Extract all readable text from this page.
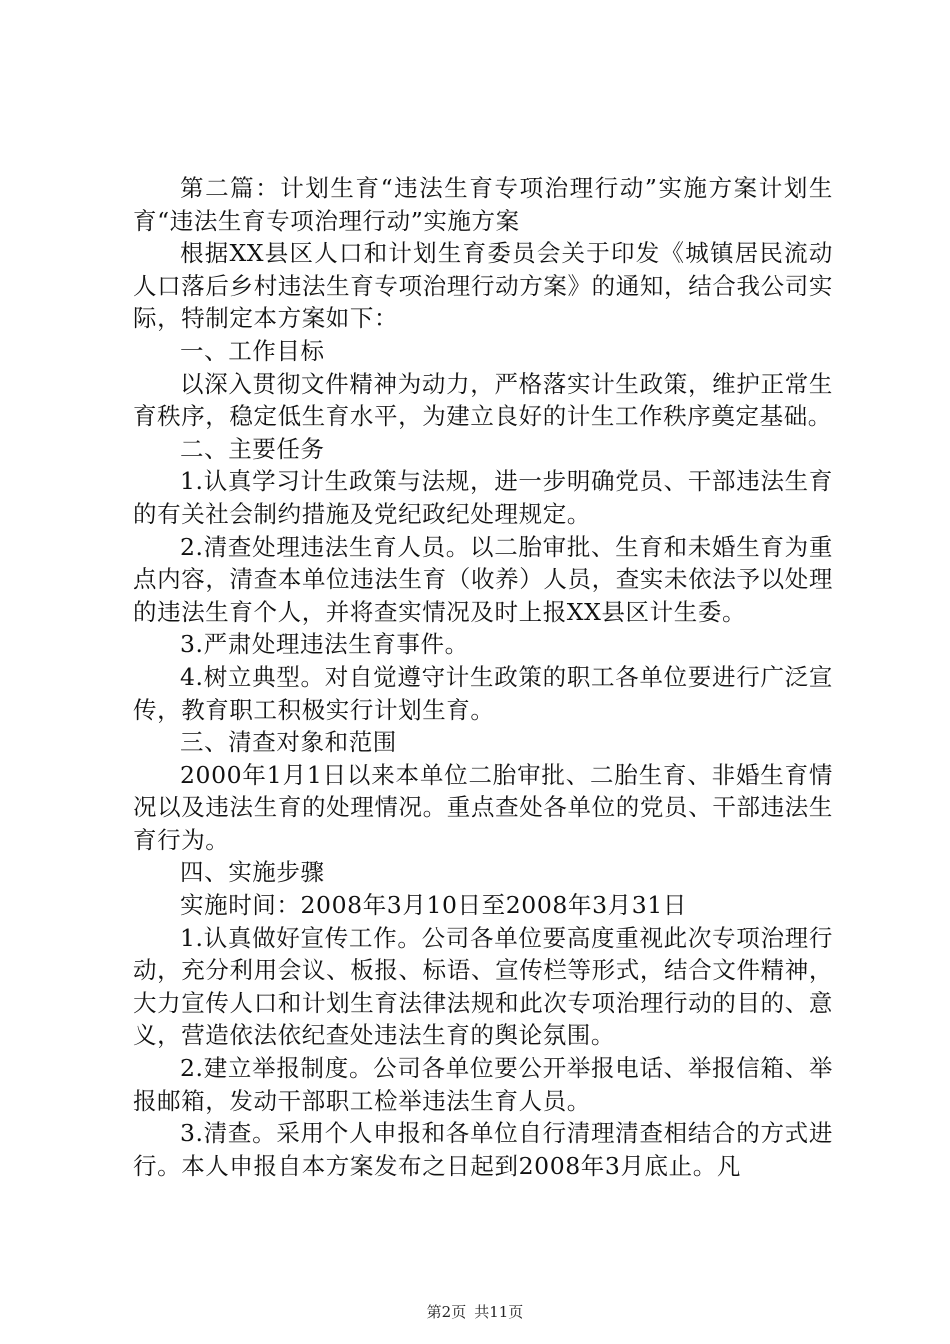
第二篇：计划生育“违法生育专项治理行动”实施方案计划生育“违法生育专项治理行动”实施方案

根据XX县区人口和计划生育委员会关于印发《城镇居民流动人口落后乡村违法生育专项治理行动方案》的通知，结合我公司实际，特制定本方案如下：

一、工作目标

以深入贯彻文件精神为动力，严格落实计生政策，维护正常生育秩序，稳定低生育水平，为建立良好的计生工作秩序奠定基础。

二、主要任务

1.认真学习计生政策与法规，进一步明确党员、干部违法生育的有关社会制约措施及党纪政纪处理规定。

2.清查处理违法生育人员。以二胎审批、生育和未婚生育为重点内容，清查本单位违法生育（收养）人员，查实未依法予以处理的违法生育个人，并将查实情况及时上报XX县区计生委。

3.严肃处理违法生育事件。

4.树立典型。对自觉遵守计生政策的职工各单位要进行广泛宣传，教育职工积极实行计划生育。

三、清查对象和范围

2000年1月1日以来本单位二胎审批、二胎生育、非婚生育情况以及违法生育的处理情况。重点查处各单位的党员、干部违法生育行为。

四、实施步骤

实施时间：2008年3月10日至2008年3月31日

1.认真做好宣传工作。公司各单位要高度重视此次专项治理行动，充分利用会议、板报、标语、宣传栏等形式，结合文件精神，大力宣传人口和计划生育法律法规和此次专项治理行动的目的、意义，营造依法依纪查处违法生育的舆论氛围。

2.建立举报制度。公司各单位要公开举报电话、举报信箱、举报邮箱，发动干部职工检举违法生育人员。

3.清查。采用个人申报和各单位自行清理清查相结合的方式进行。本人申报自本方案发布之日起到2008年3月底止。凡

第2页 共11页
